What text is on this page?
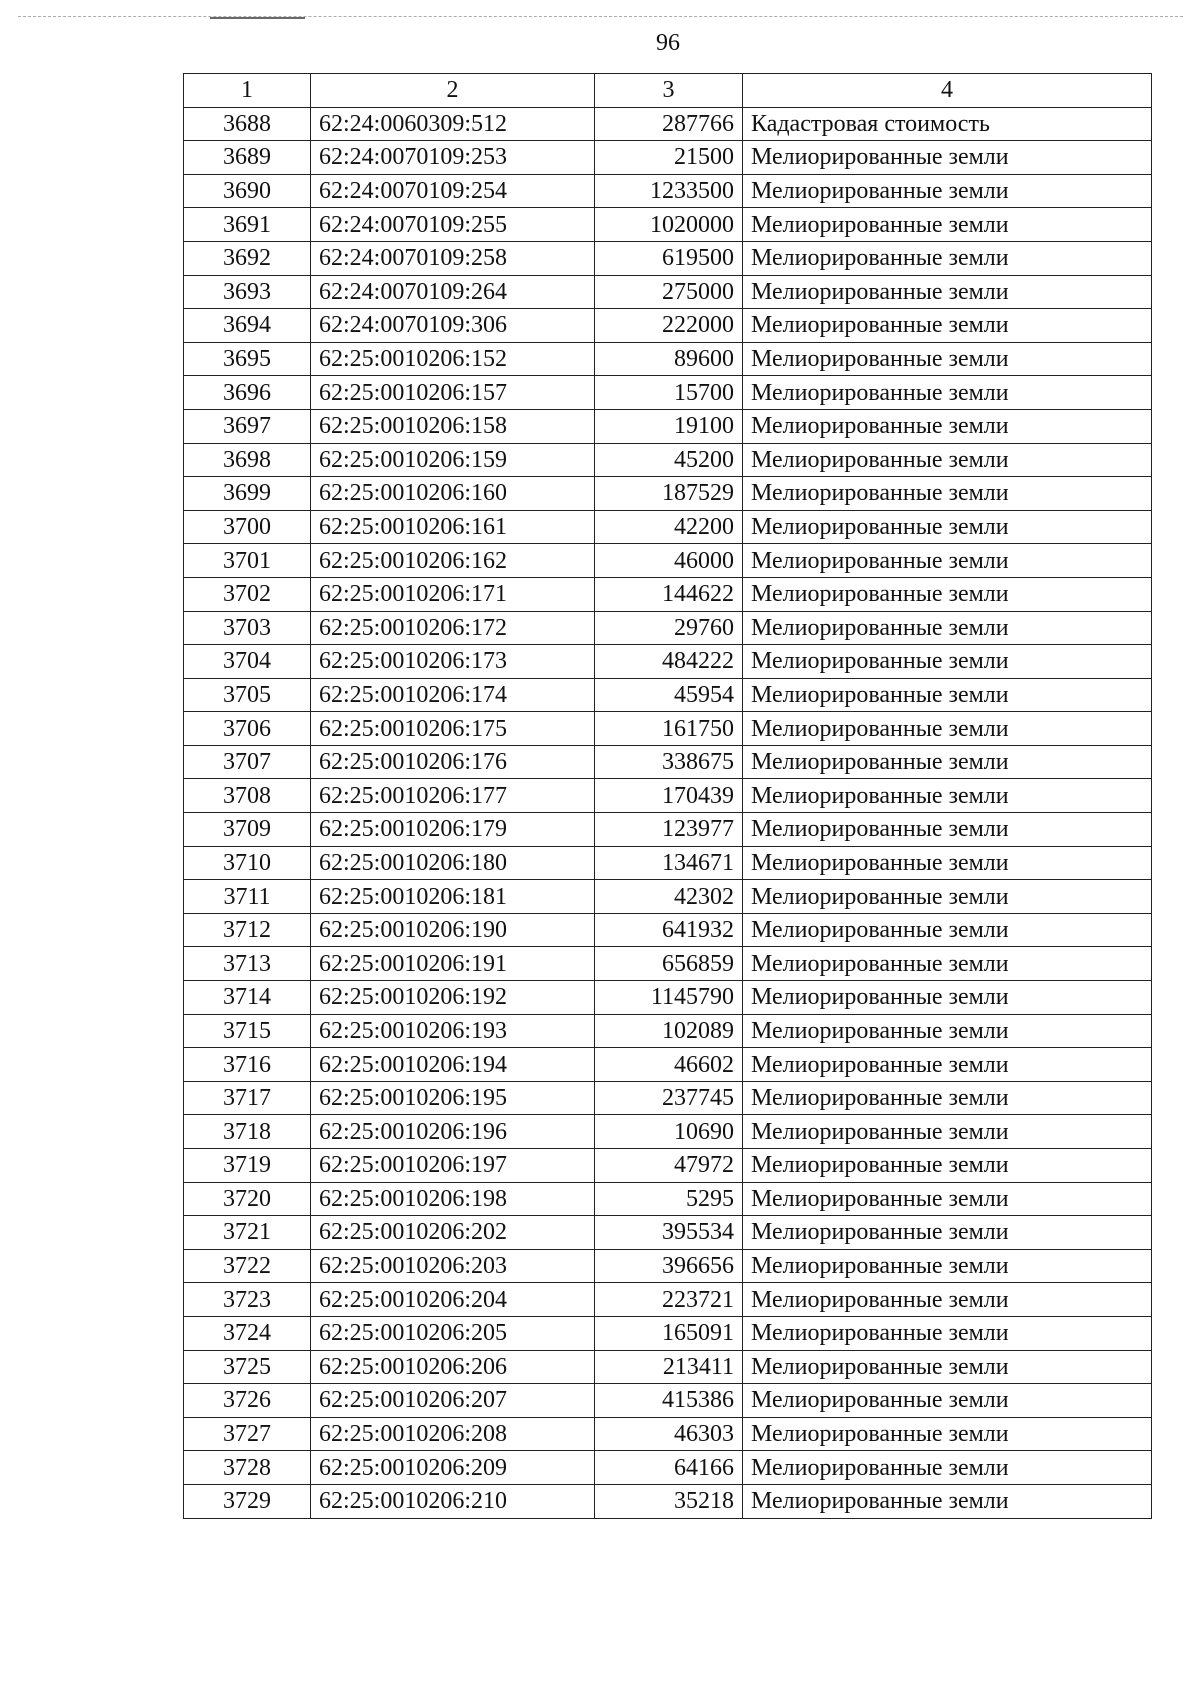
96
1	2	3	4
3688	62:24:0060309:512	287766	Кадастровая стоимость
3689	62:24:0070109:253	21500	Мелиорированные земли
3690	62:24:0070109:254	1233500	Мелиорированные земли
3691	62:24:0070109:255	1020000	Мелиорированные земли
3692	62:24:0070109:258	619500	Мелиорированные земли
3693	62:24:0070109:264	275000	Мелиорированные земли
3694	62:24:0070109:306	222000	Мелиорированные земли
3695	62:25:0010206:152	89600	Мелиорированные земли
3696	62:25:0010206:157	15700	Мелиорированные земли
3697	62:25:0010206:158	19100	Мелиорированные земли
3698	62:25:0010206:159	45200	Мелиорированные земли
3699	62:25:0010206:160	187529	Мелиорированные земли
3700	62:25:0010206:161	42200	Мелиорированные земли
3701	62:25:0010206:162	46000	Мелиорированные земли
3702	62:25:0010206:171	144622	Мелиорированные земли
3703	62:25:0010206:172	29760	Мелиорированные земли
3704	62:25:0010206:173	484222	Мелиорированные земли
3705	62:25:0010206:174	45954	Мелиорированные земли
3706	62:25:0010206:175	161750	Мелиорированные земли
3707	62:25:0010206:176	338675	Мелиорированные земли
3708	62:25:0010206:177	170439	Мелиорированные земли
3709	62:25:0010206:179	123977	Мелиорированные земли
3710	62:25:0010206:180	134671	Мелиорированные земли
3711	62:25:0010206:181	42302	Мелиорированные земли
3712	62:25:0010206:190	641932	Мелиорированные земли
3713	62:25:0010206:191	656859	Мелиорированные земли
3714	62:25:0010206:192	1145790	Мелиорированные земли
3715	62:25:0010206:193	102089	Мелиорированные земли
3716	62:25:0010206:194	46602	Мелиорированные земли
3717	62:25:0010206:195	237745	Мелиорированные земли
3718	62:25:0010206:196	10690	Мелиорированные земли
3719	62:25:0010206:197	47972	Мелиорированные земли
3720	62:25:0010206:198	5295	Мелиорированные земли
3721	62:25:0010206:202	395534	Мелиорированные земли
3722	62:25:0010206:203	396656	Мелиорированные земли
3723	62:25:0010206:204	223721	Мелиорированные земли
3724	62:25:0010206:205	165091	Мелиорированные земли
3725	62:25:0010206:206	213411	Мелиорированные земли
3726	62:25:0010206:207	415386	Мелиорированные земли
3727	62:25:0010206:208	46303	Мелиорированные земли
3728	62:25:0010206:209	64166	Мелиорированные земли
3729	62:25:0010206:210	35218	Мелиорированные земли
